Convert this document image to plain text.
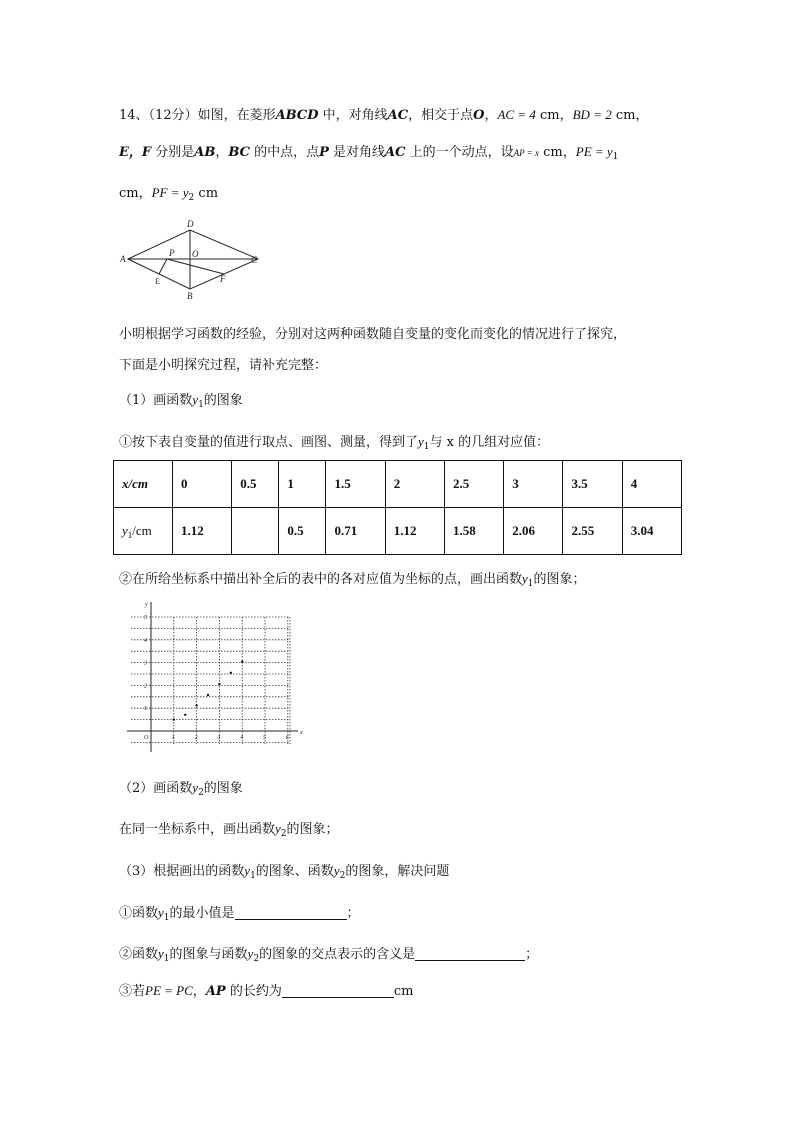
14、（12分）如图，在菱形ABCD 中，对角线AC，相交于点O，AC = 4 cm，BD = 2 cm，
E，F 分别是AB，BC 的中点，点P 是对角线AC 上的一个动点，设AP = x cm，PE = $y_1$
cm，PF = $y_2$ cm
D
A
P O
C
E	F
B
小明根据学习函数的经验，分别对这两种函数随自变量的变化而变化的情况进行了探究，
下面是小明探究过程，请补充完整：
（1）画函数$y_1$的图象
①按下表自变量的值进行取点、画图、测量，得到了$y_1$与 x 的几组对应值：
x/cm	0	0.5	1	1.5	2	2.5	3	3.5	4
$y_1/cm$	1.12		0.5	0.71	1.12	1.58	2.06	2.55	3.04
②在所给坐标系中描出补全后的表中的各对应值为坐标的点，画出函数$y_1$的图象；
1	2	3	4	5	6
1
2
3
4
5
O
x
y
（2）画函数$y_2$的图象
在同一坐标系中，画出函数$y_2$的图象；
（3）根据画出的函数$y_1$的图象、函数$y_2$的图象，解决问题
①函数$y_1$的最小值是	；
②函数$y_1$的图象与函数$y_2$的图象的交点表示的含义是	；
③若PE = PC，AP 的长约为	cm
